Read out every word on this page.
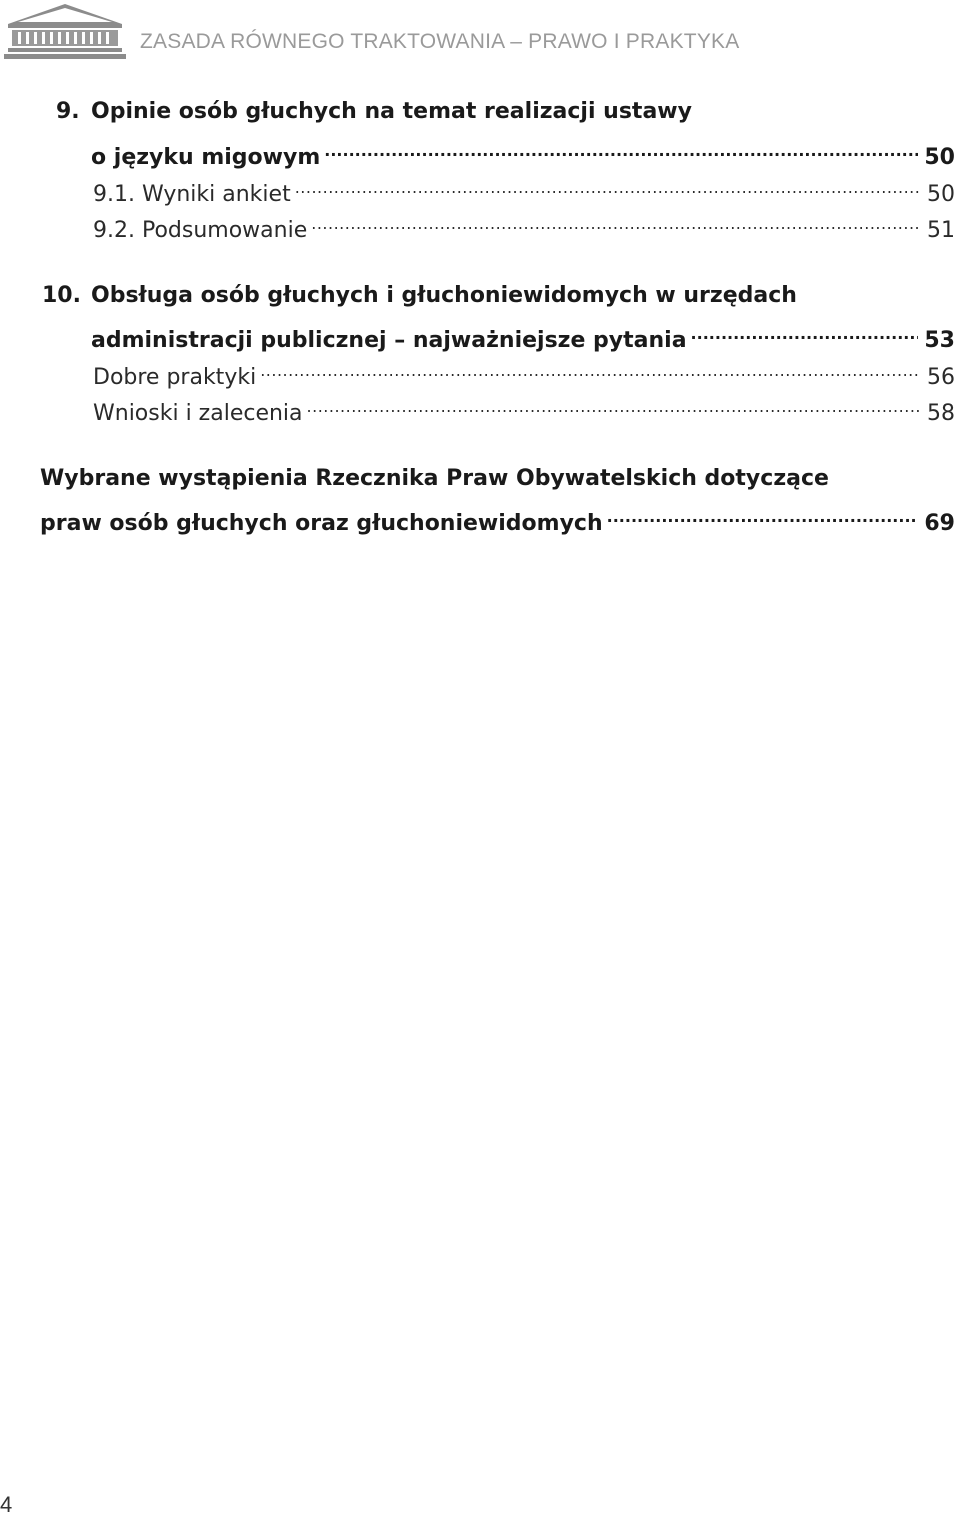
ZASADA RÓWNEGO TRAKTOWANIA – PRAWO I PRAKTYKA
9. Opinie osób głuchych na temat realizacji ustawy
o języku migowym .....	50
9.1. Wyniki ankiet .....	50
9.2. Podsumowanie .....	51
10. Obsługa osób głuchych i głuchoniewidomych w urzędach
administracji publicznej – najważniejsze pytania .....	53
Dobre praktyki .....	56
Wnioski i zalecenia .....	58
Wybrane wystąpienia Rzecznika Praw Obywatelskich dotyczące
praw osób głuchych oraz głuchoniewidomych .....	69
4
